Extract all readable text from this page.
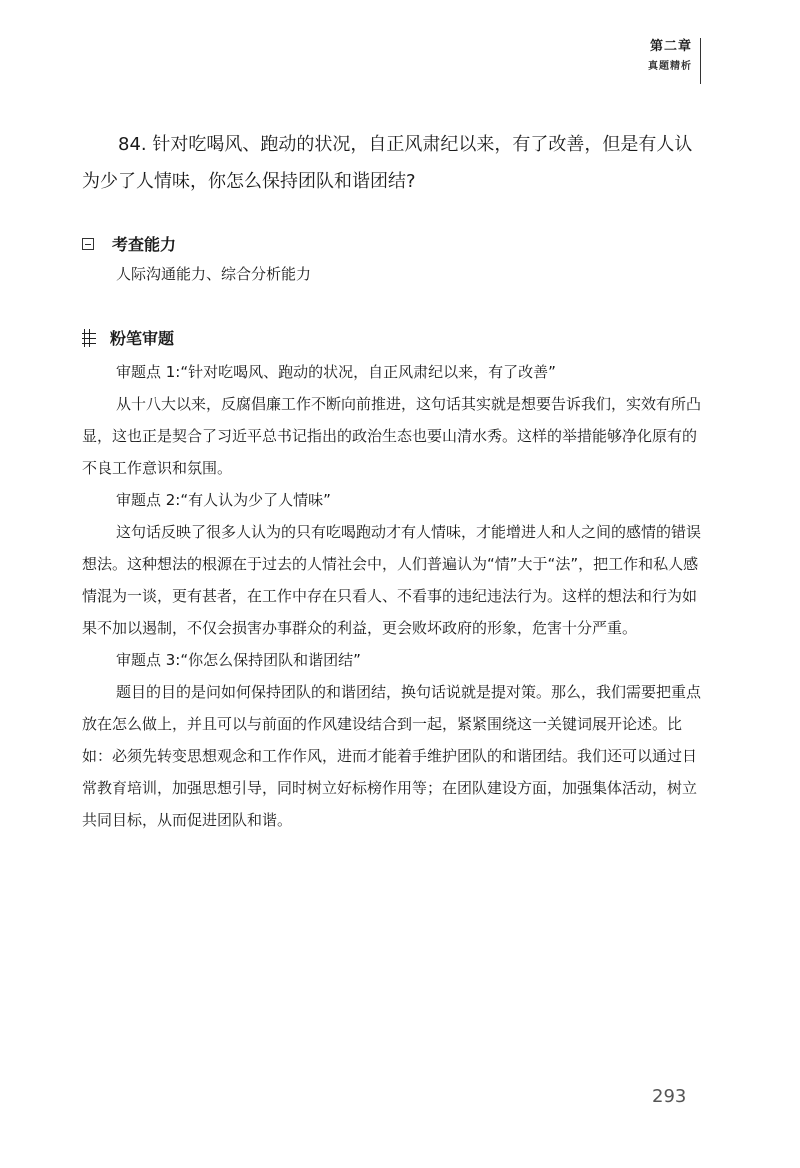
第二章
真题精析

84. 针对吃喝风、跑动的状况，自正风肃纪以来，有了改善，但是有人认为少了人情味，你怎么保持团队和谐团结?

考查能力

人际沟通能力、综合分析能力

粉笔审题

审题点 1:“针对吃喝风、跑动的状况，自正风肃纪以来，有了改善”

从十八大以来，反腐倡廉工作不断向前推进，这句话其实就是想要告诉我们，实效有所凸显，这也正是契合了习近平总书记指出的政治生态也要山清水秀。这样的举措能够净化原有的不良工作意识和氛围。

审题点 2:“有人认为少了人情味”

这句话反映了很多人认为的只有吃喝跑动才有人情味，才能增进人和人之间的感情的错误想法。这种想法的根源在于过去的人情社会中，人们普遍认为“情”大于“法”，把工作和私人感情混为一谈，更有甚者，在工作中存在只看人、不看事的违纪违法行为。这样的想法和行为如果不加以遏制，不仅会损害办事群众的利益，更会败坏政府的形象，危害十分严重。

审题点 3:“你怎么保持团队和谐团结”

题目的目的是问如何保持团队的和谐团结，换句话说就是提对策。那么，我们需要把重点放在怎么做上，并且可以与前面的作风建设结合到一起，紧紧围绕这一关键词展开论述。比如：必须先转变思想观念和工作作风，进而才能着手维护团队的和谐团结。我们还可以通过日常教育培训，加强思想引导，同时树立好标榜作用等；在团队建设方面，加强集体活动，树立共同目标，从而促进团队和谐。

293
